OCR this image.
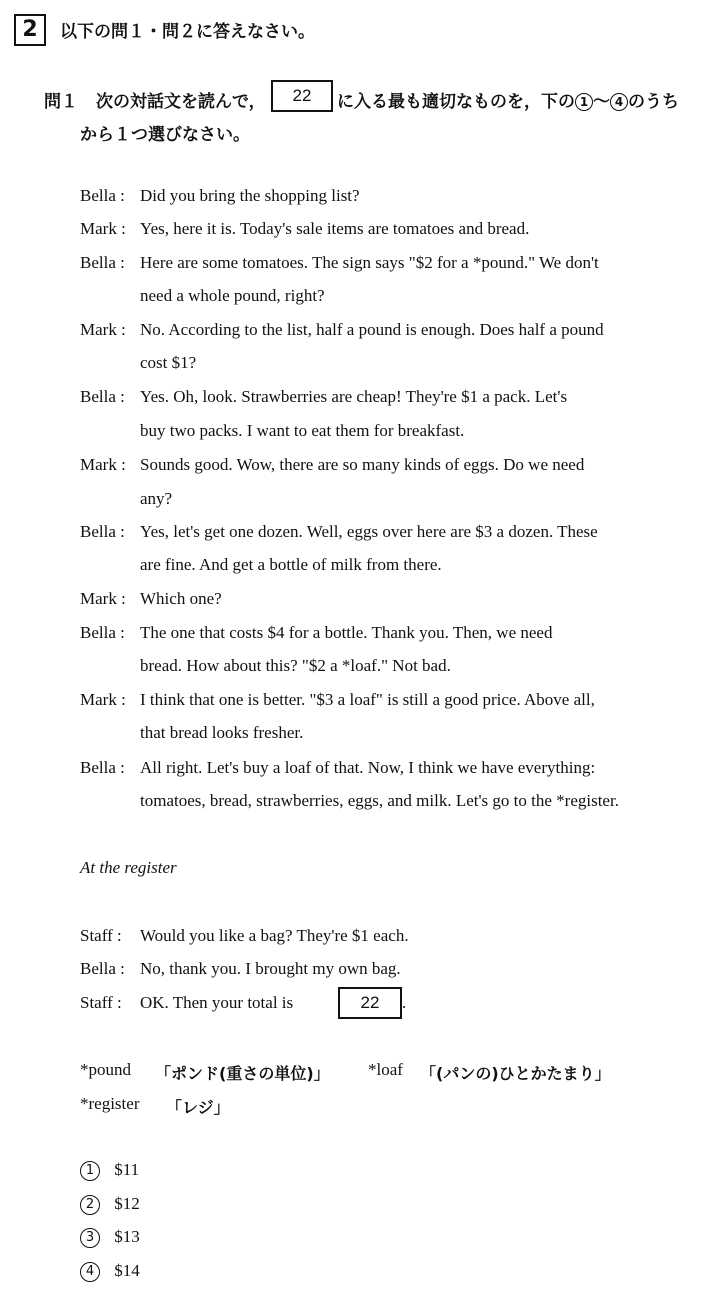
2	以下の問１・問２に答えなさい。
問１ 次の対話文を読んで，	22	に入る最も適切なものを，下の 1 〜 4 のうち
から１つ選びなさい。
Bella : Did you bring the shopping list?
Mark : Yes, here it is. Today's sale items are tomatoes and bread.
Bella : Here are some tomatoes. The sign says "$2 for a *pound." We don't
need a whole pound, right?
Mark : No. According to the list, half a pound is enough. Does half a pound
cost $1?
Bella : Yes. Oh, look. Strawberries are cheap! They're $1 a pack. Let's
buy two packs. I want to eat them for breakfast.
Mark : Sounds good. Wow, there are so many kinds of eggs. Do we need
any?
Bella : Yes, let's get one dozen. Well, eggs over here are $3 a dozen. These
are fine. And get a bottle of milk from there.
Mark : Which one?
Bella : The one that costs $4 for a bottle. Thank you. Then, we need
bread. How about this? "$2 a *loaf." Not bad.
Mark : I think that one is better. "$3 a loaf" is still a good price. Above all,
that bread looks fresher.
Bella : All right. Let's buy a loaf of that. Now, I think we have everything:
tomatoes, bread, strawberries, eggs, and milk. Let's go to the *register.
At the register
Staff : Would you like a bag? They're $1 each.
Bella : No, thank you. I brought my own bag.
Staff : OK. Then your total is	22	.
*pound 「ポンド(重さの単位)」 *loaf 「(パンの)ひとかたまり」
*register 「レジ」
1 $11
2 $12
3 $13
4 $14
